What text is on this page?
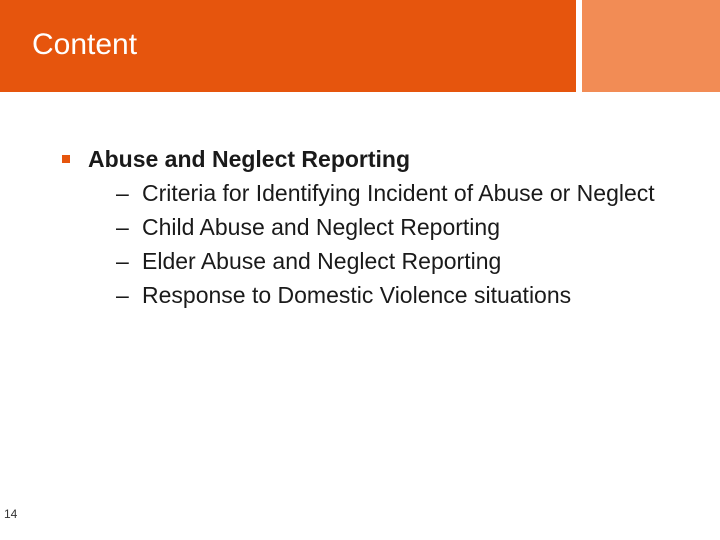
Content
Abuse and Neglect Reporting
– Criteria for Identifying Incident of Abuse or Neglect
– Child Abuse and Neglect Reporting
– Elder Abuse and Neglect Reporting
– Response to Domestic Violence situations
14
